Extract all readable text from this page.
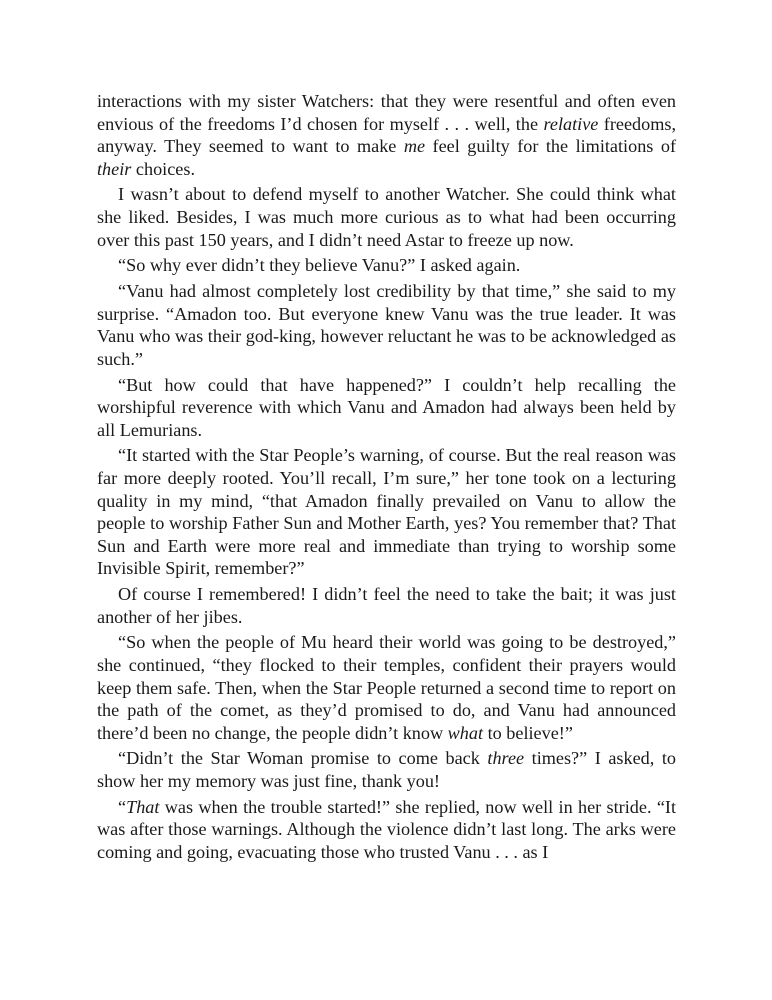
interactions with my sister Watchers: that they were resentful and often even envious of the freedoms I’d chosen for myself . . . well, the relative freedoms, anyway. They seemed to want to make me feel guilty for the limitations of their choices.

I wasn’t about to defend myself to another Watcher. She could think what she liked. Besides, I was much more curious as to what had been occurring over this past 150 years, and I didn’t need Astar to freeze up now.

“So why ever didn’t they believe Vanu?” I asked again.

“Vanu had almost completely lost credibility by that time,” she said to my surprise. “Amadon too. But everyone knew Vanu was the true leader. It was Vanu who was their god-king, however reluctant he was to be acknowledged as such.”

“But how could that have happened?” I couldn’t help recalling the worshipful reverence with which Vanu and Amadon had always been held by all Lemurians.

“It started with the Star People’s warning, of course. But the real reason was far more deeply rooted. You’ll recall, I’m sure,” her tone took on a lecturing quality in my mind, “that Amadon finally prevailed on Vanu to allow the people to worship Father Sun and Mother Earth, yes? You remember that? That Sun and Earth were more real and immediate than trying to worship some Invisible Spirit, remember?”

Of course I remembered! I didn’t feel the need to take the bait; it was just another of her jibes.

“So when the people of Mu heard their world was going to be destroyed,” she continued, “they flocked to their temples, confident their prayers would keep them safe. Then, when the Star People returned a second time to report on the path of the comet, as they’d promised to do, and Vanu had announced there’d been no change, the people didn’t know what to believe!”

“Didn’t the Star Woman promise to come back three times?” I asked, to show her my memory was just fine, thank you!

“That was when the trouble started!” she replied, now well in her stride. “It was after those warnings. Although the violence didn’t last long. The arks were coming and going, evacuating those who trusted Vanu . . . as I
